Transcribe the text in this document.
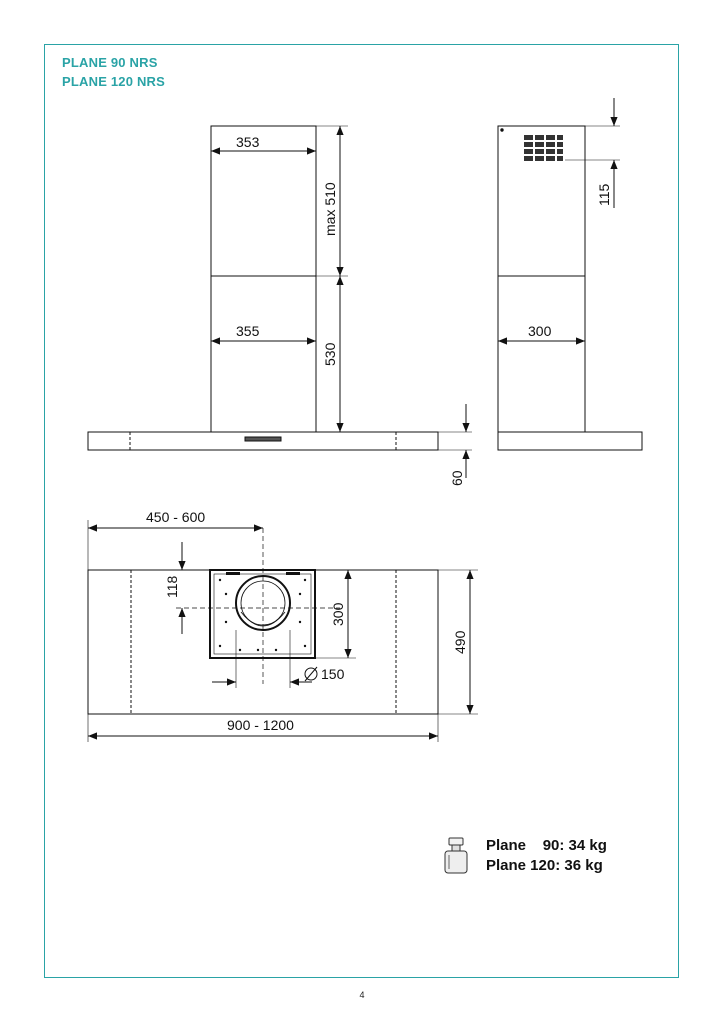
PLANE 90 NRS
PLANE 120 NRS
353
355
max 510
530
60
115
300
450 - 600
118
300
490
150
900 - 1200
Plane    90: 34 kg
Plane 120: 36 kg
4
